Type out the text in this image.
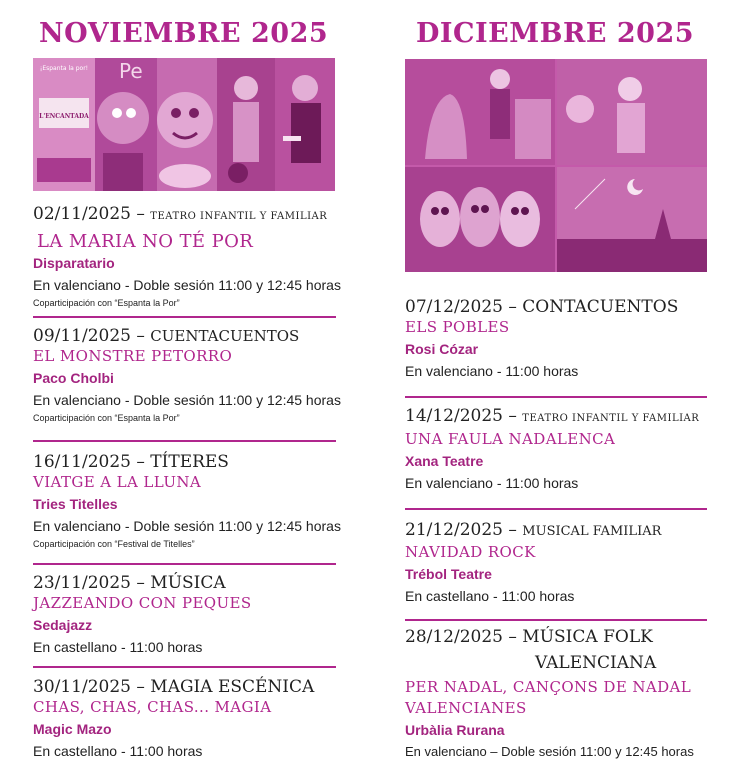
NOVIEMBRE 2025
¡Espanta la por!
L'ENCANTADA
Pe
02/11/2025 – TEATRO INFANTIL Y FAMILIAR
LA MARIA NO TÉ POR
Disparatario
En valenciano - Doble sesión 11:00 y 12:45 horas
Coparticipación con “Espanta la Por”
09/11/2025 – CUENTACUENTOS
EL MONSTRE PETORRO
Paco Cholbi
En valenciano - Doble sesión 11:00 y 12:45 horas
Coparticipación con “Espanta la Por”
16/11/2025 – TÍTERES
VIATGE A LA LLUNA
Tries Titelles
En valenciano - Doble sesión 11:00 y 12:45 horas
Coparticipación con “Festival de Titelles”
23/11/2025 – MÚSICA
JAZZEANDO CON PEQUES
Sedajazz
En castellano - 11:00 horas
30/11/2025 – MAGIA ESCÉNICA
CHAS, CHAS, CHAS... MAGIA
Magic Mazo
En castellano - 11:00 horas
DICIEMBRE 2025
07/12/2025 – CONTACUENTOS
ELS POBLES
Rosi Cózar
En valenciano - 11:00 horas
14/12/2025 – TEATRO INFANTIL Y FAMILIAR
UNA FAULA NADALENCA
Xana Teatre
En valenciano - 11:00 horas
21/12/2025 – MUSICAL FAMILIAR
NAVIDAD ROCK
Trébol Teatre
En castellano - 11:00 horas
28/12/2025 – MÚSICA FOLK
VALENCIANA
PER NADAL, CANÇONS DE NADAL
VALENCIANES
Urbàlia Rurana
En valenciano – Doble sesión 11:00 y 12:45 horas
